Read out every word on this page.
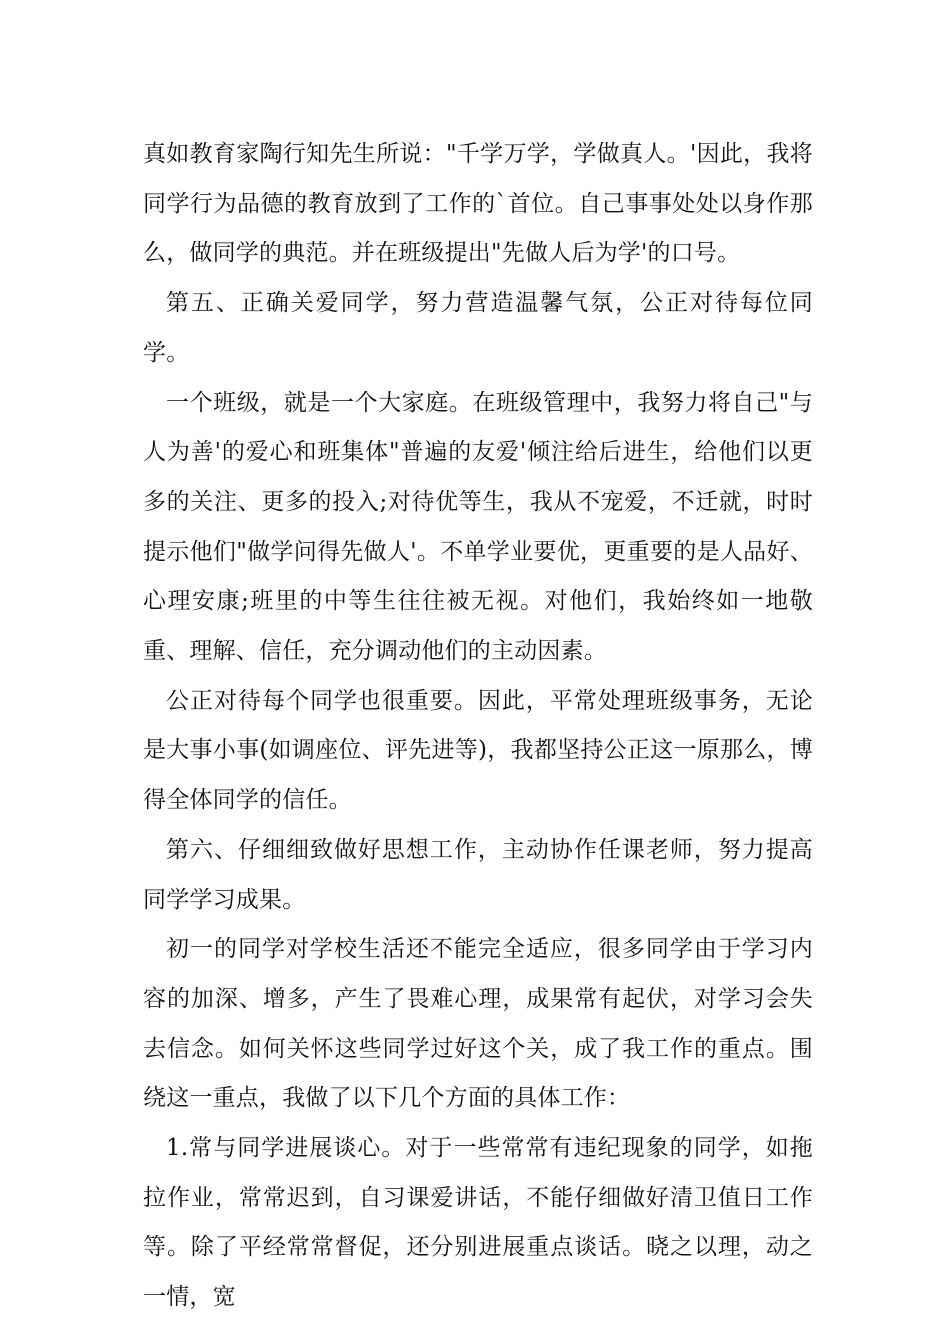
真如教育家陶行知先生所说："千学万学，学做真人。'因此，我将同学行为品德的教育放到了工作的`首位。自己事事处处以身作那么，做同学的典范。并在班级提出"先做人后为学'的口号。

第五、正确关爱同学，努力营造温馨气氛，公正对待每位同学。

一个班级，就是一个大家庭。在班级管理中，我努力将自己"与人为善'的爱心和班集体"普遍的友爱'倾注给后进生，给他们以更多的关注、更多的投入;对待优等生，我从不宠爱，不迁就，时时提示他们"做学问得先做人'。不单学业要优，更重要的是人品好、心理安康;班里的中等生往往被无视。对他们，我始终如一地敬重、理解、信任，充分调动他们的主动因素。

公正对待每个同学也很重要。因此，平常处理班级事务，无论是大事小事(如调座位、评先进等)，我都坚持公正这一原那么，博得全体同学的信任。

第六、仔细细致做好思想工作，主动协作任课老师，努力提高同学学习成果。

初一的同学对学校生活还不能完全适应，很多同学由于学习内容的加深、增多，产生了畏难心理，成果常有起伏，对学习会失去信念。如何关怀这些同学过好这个关，成了我工作的重点。围绕这一重点，我做了以下几个方面的具体工作：

1.常与同学进展谈心。对于一些常常有违纪现象的同学，如拖拉作业，常常迟到，自习课爱讲话，不能仔细做好清卫值日工作等。除了平经常常督促，还分别进展重点谈话。晓之以理，动之一情，宽
